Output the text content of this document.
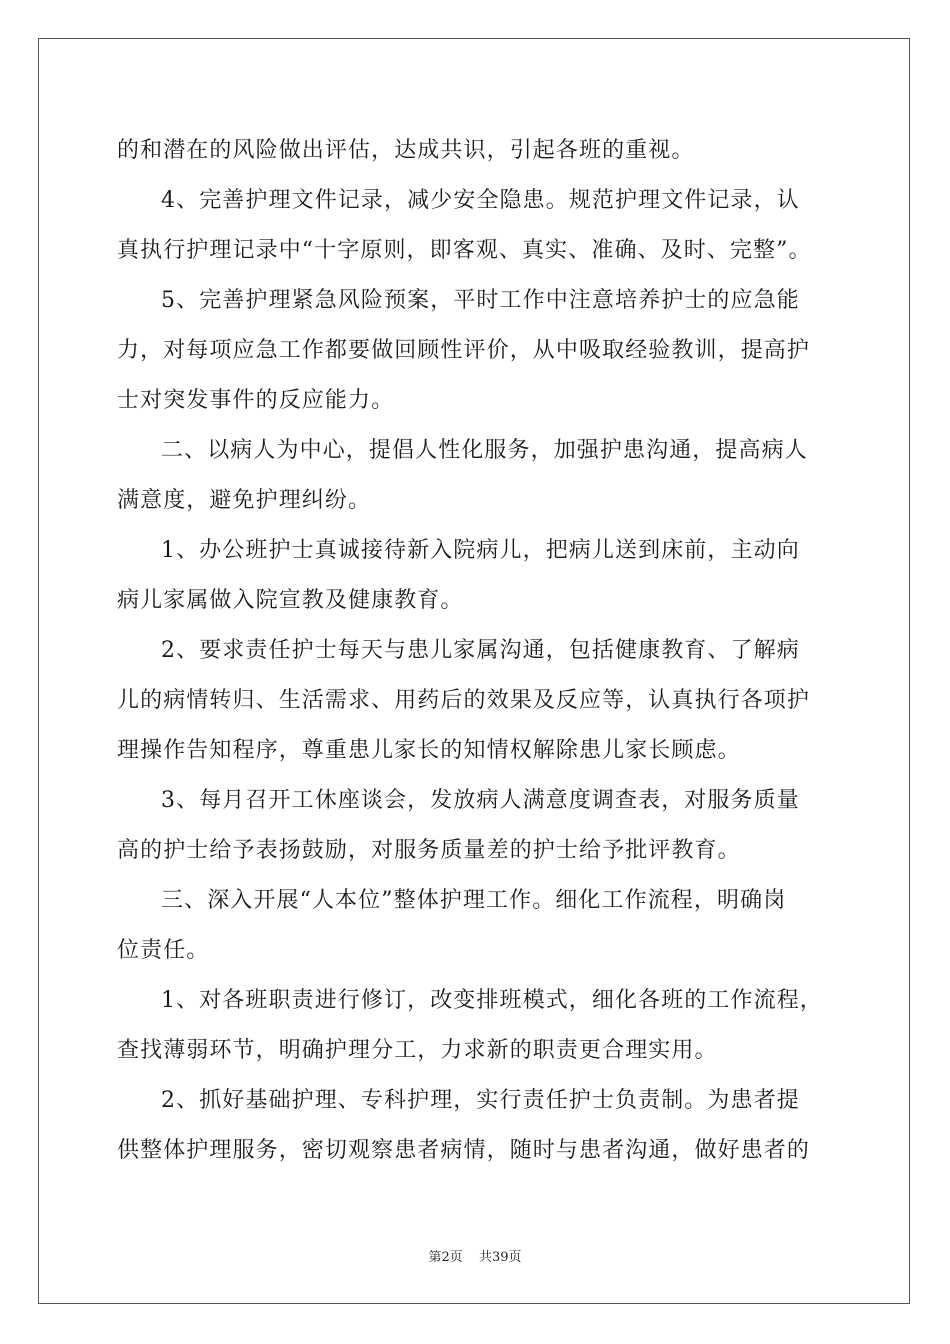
的和潜在的风险做出评估，达成共识，引起各班的重视。
4、完善护理文件记录，减少安全隐患。规范护理文件记录，认
真执行护理记录中“十字原则，即客观、真实、准确、及时、完整”。
5、完善护理紧急风险预案，平时工作中注意培养护士的应急能
力，对每项应急工作都要做回顾性评价，从中吸取经验教训，提高护
士对突发事件的反应能力。
二、以病人为中心，提倡人性化服务，加强护患沟通，提高病人
满意度，避免护理纠纷。
1、办公班护士真诚接待新入院病儿，把病儿送到床前，主动向
病儿家属做入院宣教及健康教育。
2、要求责任护士每天与患儿家属沟通，包括健康教育、了解病
儿的病情转归、生活需求、用药后的效果及反应等，认真执行各项护
理操作告知程序，尊重患儿家长的知情权解除患儿家长顾虑。
3、每月召开工休座谈会，发放病人满意度调查表，对服务质量
高的护士给予表扬鼓励，对服务质量差的护士给予批评教育。
三、深入开展“人本位”整体护理工作。细化工作流程，明确岗
位责任。
1、对各班职责进行修订，改变排班模式，细化各班的工作流程，
查找薄弱环节，明确护理分工，力求新的职责更合理实用。
2、抓好基础护理、专科护理，实行责任护士负责制。为患者提
供整体护理服务，密切观察患者病情，随时与患者沟通，做好患者的
第2页 共39页
